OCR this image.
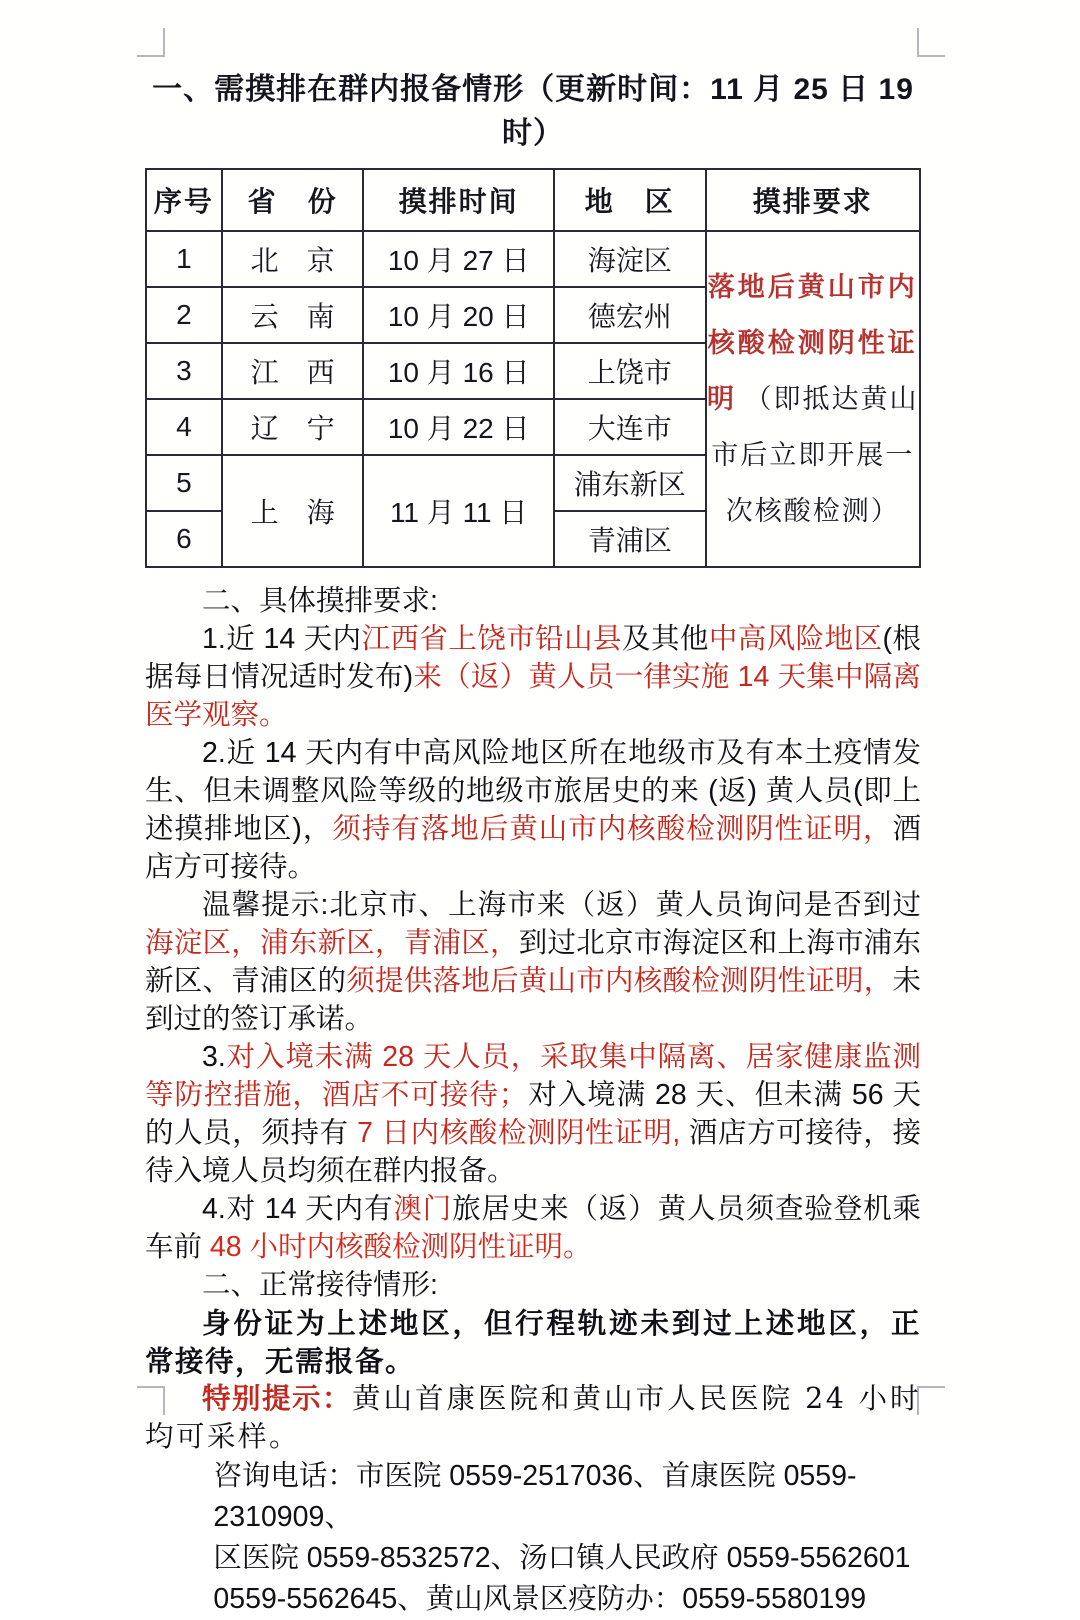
一、需摸排在群内报备情形（更新时间：11 月 25 日 19 时）
序号	省　份	摸排时间	地　区	摸排要求
1	北　京	10 月 27 日	海淀区	落地后黄山市内核酸检测阴性证明 （即抵达黄山市后立即开展一次核酸检测）
2	云　南	10 月 20 日	德宏州	
3	江　西	10 月 16 日	上饶市	
4	辽　宁	10 月 22 日	大连市	
5	上　海	11 月 11 日	浦东新区	
6			青浦区	

二、具体摸排要求:

1.近 14 天内江西省上饶市铅山县及其他中高风险地区(根据每日情况适时发布)来（返）黄人员一律实施 14 天集中隔离医学观察。

2.近 14 天内有中高风险地区所在地级市及有本土疫情发生、但未调整风险等级的地级市旅居史的来 (返) 黄人员(即上述摸排地区)，须持有落地后黄山市内核酸检测阴性证明，酒店方可接待。

温馨提示:北京市、上海市来（返）黄人员询问是否到过海淀区，浦东新区，青浦区，到过北京市海淀区和上海市浦东新区、青浦区的须提供落地后黄山市内核酸检测阴性证明，未到过的签订承诺。

3.对入境未满 28 天人员，采取集中隔离、居家健康监测等防控措施，酒店不可接待；对入境满 28 天、但未满 56 天的人员，须持有 7 日内核酸检测阴性证明, 酒店方可接待，接待入境人员均须在群内报备。

4.对 14 天内有澳门旅居史来（返）黄人员须查验登机乘车前 48 小时内核酸检测阴性证明。

二、正常接待情形:

身份证为上述地区，但行程轨迹未到过上述地区，正常接待，无需报备。

特别提示：黄山首康医院和黄山市人民医院 24 小时均可采样。

咨询电话：市医院 0559-2517036、首康医院 0559-2310909、
区医院 0559-8532572、汤口镇人民政府 0559-5562601
0559-5562645、黄山风景区疫防办：0559-5580199
